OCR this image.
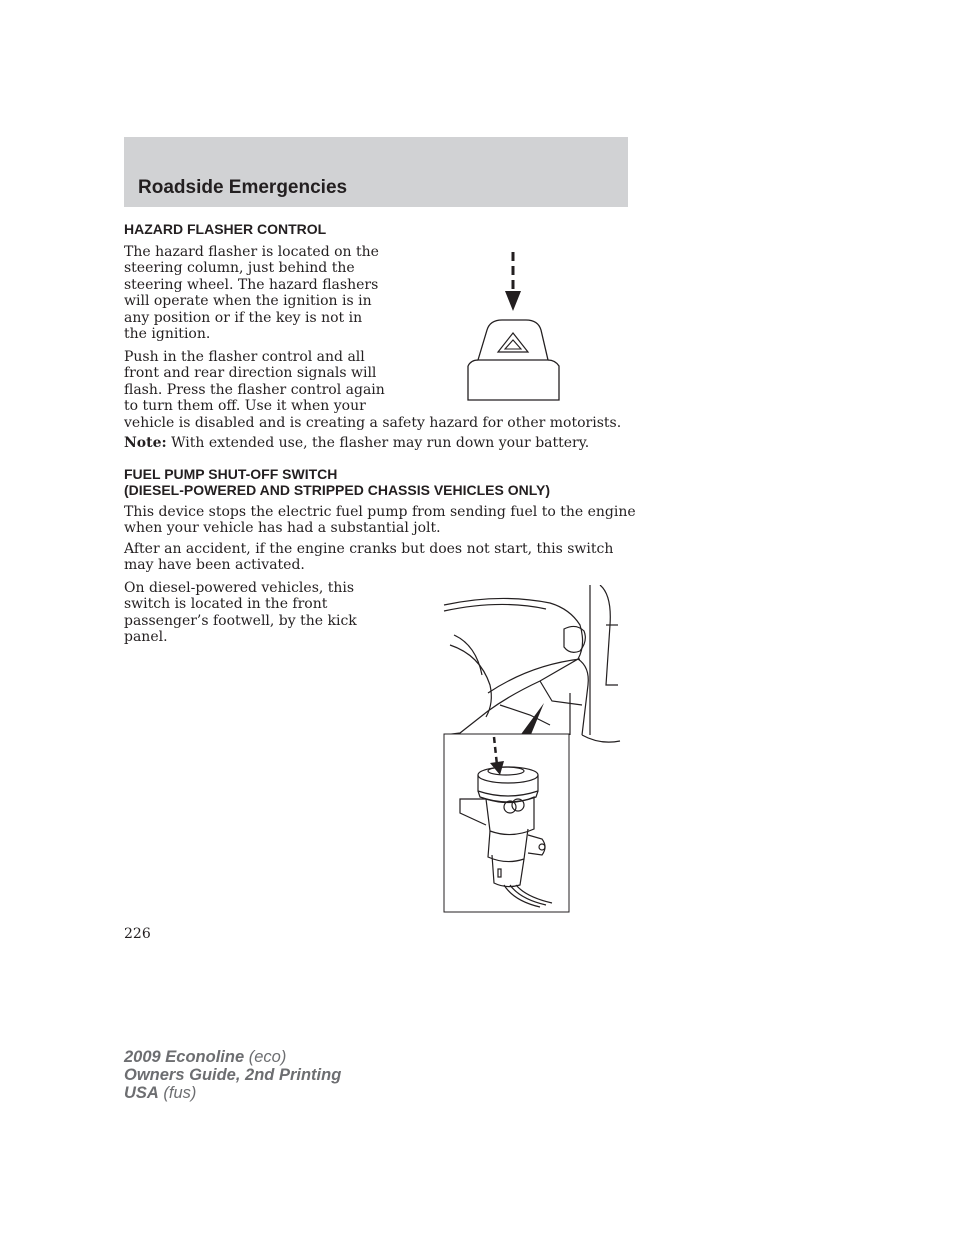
Roadside Emergencies
HAZARD FLASHER CONTROL
The hazard flasher is located on the
steering column, just behind the
steering wheel. The hazard flashers
will operate when the ignition is in
any position or if the key is not in
the ignition.
Push in the flasher control and all
front and rear direction signals will
flash. Press the flasher control again
to turn them off. Use it when your
vehicle is disabled and is creating a safety hazard for other motorists.

Note: With extended use, the flasher may run down your battery.

FUEL PUMP SHUT-OFF SWITCH
(DIESEL-POWERED AND STRIPPED CHASSIS VEHICLES ONLY)
This device stops the electric fuel pump from sending fuel to the engine
when your vehicle has had a substantial jolt.
After an accident, if the engine cranks but does not start, this switch
may have been activated.
On diesel-powered vehicles, this
switch is located in the front
passenger’s footwell, by the kick
panel.

226

2009 Econoline (eco)
Owners Guide, 2nd Printing
USA (fus)
